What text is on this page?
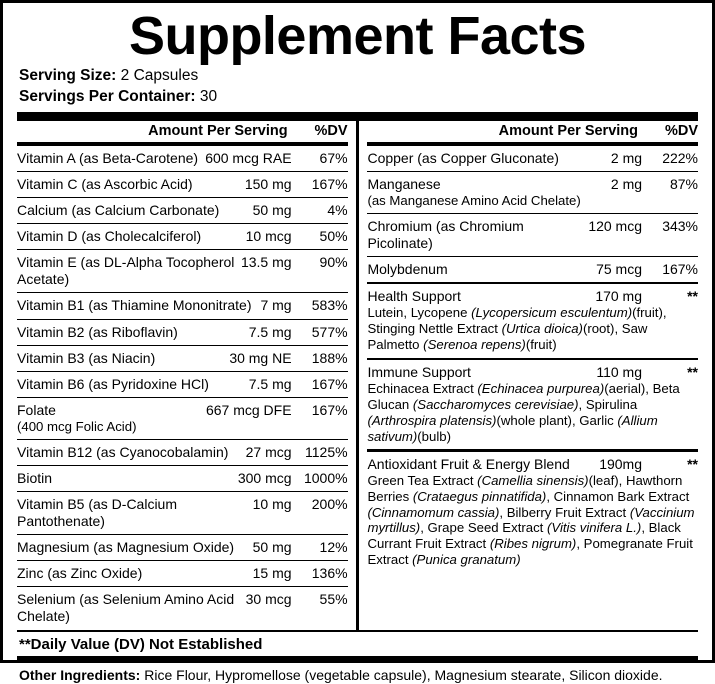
Supplement Facts
Serving Size: 2 Capsules
Servings Per Container: 30
Amount Per Serving	%DV
Vitamin A (as Beta-Carotene) 600 mcg RAE	67%
Vitamin C (as Ascorbic Acid)	150 mg	167%
Calcium (as Calcium Carbonate)	50 mg	4%
Vitamin D (as Cholecalciferol)	10 mcg	50%
Vitamin E (as DL-Alpha Tocopherol Acetate)
13.5 mg	90%
Vitamin B1 (as Thiamine Mononitrate) 7 mg	583%
Vitamin B2 (as Riboflavin)	7.5 mg	577%
Vitamin B3 (as Niacin)	30 mg NE	188%
Vitamin B6 (as Pyridoxine HCl)	7.5 mg	167%
Folate
(400 mcg Folic Acid)
667 mcg DFE	167%
Vitamin B12 (as Cyanocobalamin)	27 mcg 1125%
Biotin	300 mcg 1000%
Vitamin B5 (as D-Calcium Pantothenate)
10 mg	200%
Magnesium (as Magnesium Oxide)	50 mg	12%
Zinc (as Zinc Oxide)	15 mg	136%
Selenium (as Selenium Amino Acid Chelate)
30 mcg	55%
Amount Per Serving	%DV
Copper (as Copper Gluconate)	2 mg	222%
Manganese
(as Manganese Amino Acid Chelate)
2 mg	87%
Chromium (as Chromium Picolinate)
120 mcg	343%
Molybdenum	75 mcg	167%
Health Support	170 mg	**
Lutein, Lycopene (Lycopersicum esculentum)(fruit), Stinging Nettle Extract (Urtica dioica)(root), Saw Palmetto (Serenoa repens)(fruit)
Immune Support	110 mg	**
Echinacea Extract (Echinacea purpurea)(aerial), Beta Glucan (Saccharomyces cerevisiae), Spirulina (Arthrospira platensis)(whole plant), Garlic (Allium sativum)(bulb)
Antioxidant Fruit & Energy Blend	190mg	**
Green Tea Extract (Camellia sinensis)(leaf), Hawthorn Berries (Crataegus pinnatifida), Cinnamon Bark Extract (Cinnamomum cassia), Bilberry Fruit Extract (Vaccinium myrtillus), Grape Seed Extract (Vitis vinifera L.), Black Currant Fruit Extract (Ribes nigrum), Pomegranate Fruit Extract (Punica granatum)
**Daily Value (DV) Not Established
Other Ingredients: Rice Flour, Hypromellose (vegetable capsule), Magnesium stearate, Silicon dioxide.
